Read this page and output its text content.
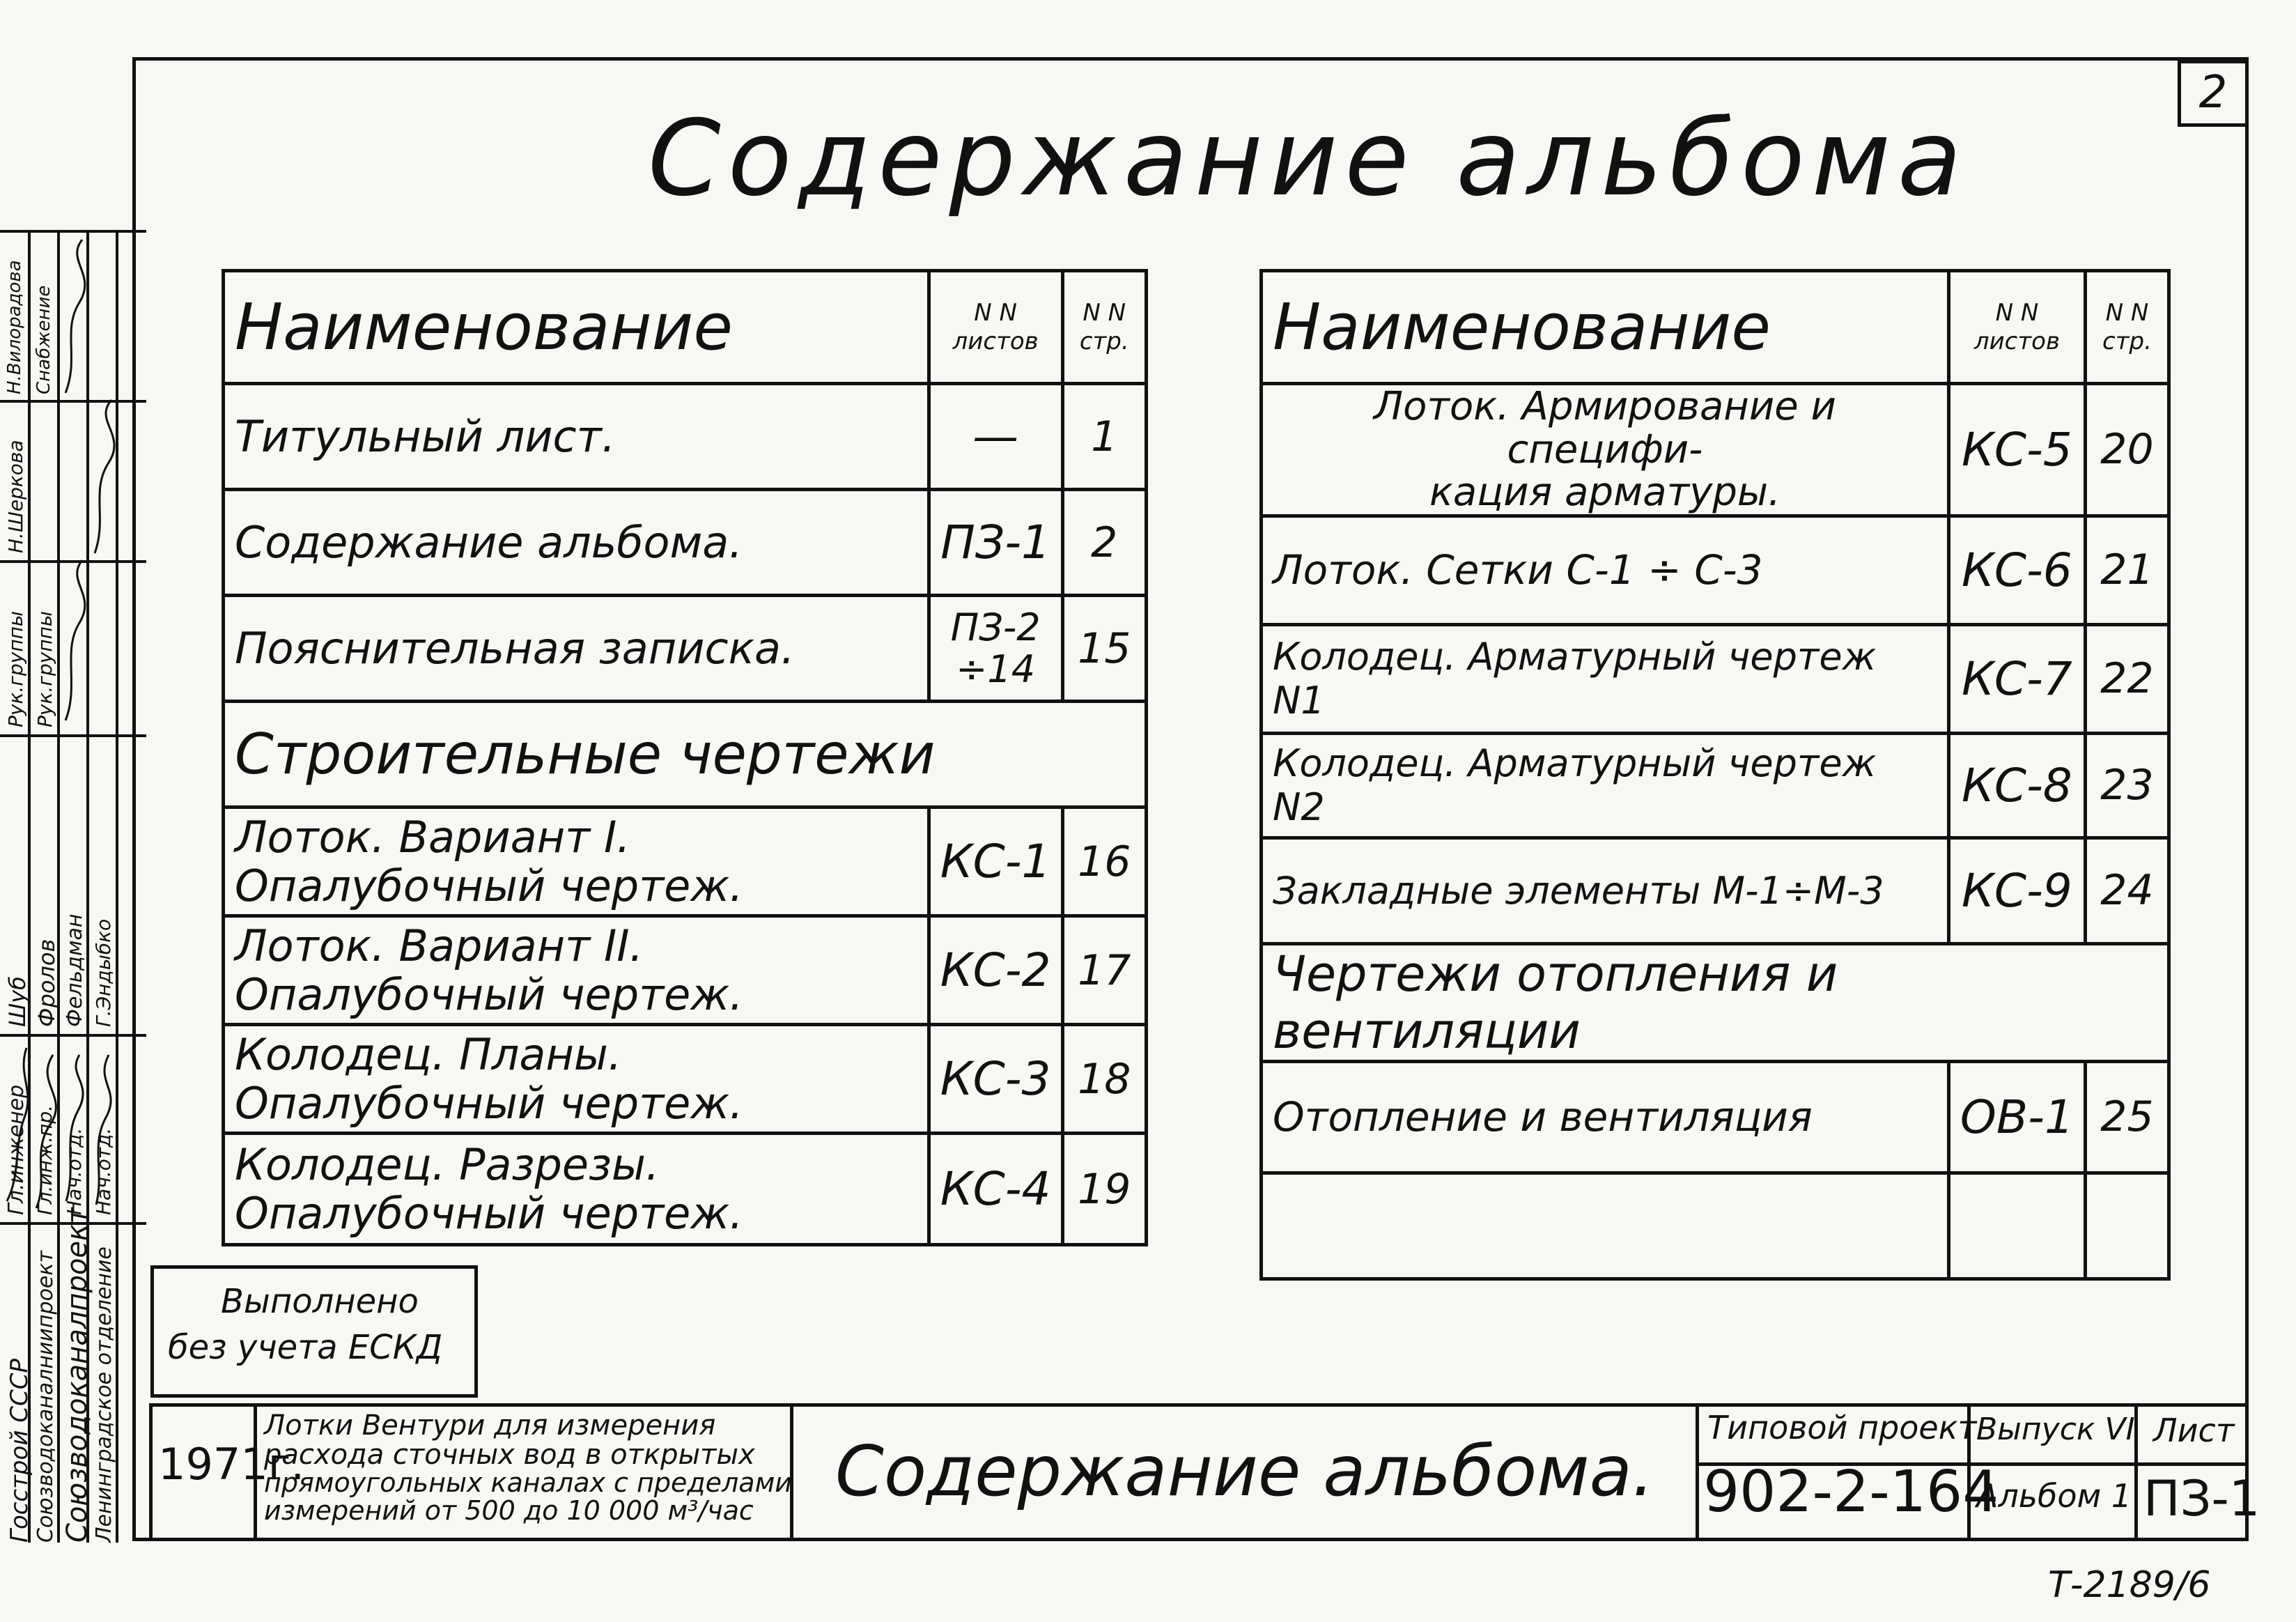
2
Содержание альбома
Наименование	N N листов	N N стр.
Титульный лист.	—	1
Содержание альбома.	ПЗ-1	2
Пояснительная записка.	ПЗ-2 ÷14	15
Строительные чертежи		

Лоток. Вариант I.
Опалубочный чертеж.	КС-1	16

Лоток. Вариант II.
Опалубочный чертеж.	КС-2	17

Колодец. Планы.
Опалубочный чертеж.	КС-3	18

Колодец. Разрезы.
Опалубочный чертеж.	КС-4	19
Наименование	N N листов	N N стр.

Лоток. Армирование и специфи-
кация арматуры.	КС-5	20
Лоток. Сетки С-1 ÷ С-3	КС-6	21
Колодец. Арматурный чертеж N1	КС-7	22
Колодец. Арматурный чертеж N2	КС-8	23
Закладные элементы М-1÷М-3	КС-9	24
Чертежи отопления и вентиляции		
Отопление и вентиляция	ОВ-1	25

Выполнено
без учета ЕСКД
Госстрой СССР Союзводоканалниипроект Союзводоканалпроект
Ленинградское отделение
Гл.инженер Гл.инж.пр. Нач.отд. Нач.отд.
Рук.группы Рук.группы
Шуб Фролов Фельдман Г.Эндыбко
Н.Шеркова
Н.Вилорадова Снабжение
1971г.
Лотки Вентури для измерения
расхода сточных вод в открытых
прямоугольных каналах с пределами
измерений от 500 до 10 000 м³/час	Содержание альбома.
Типовой проект
902-2-164
Выпуск VI
Альбом 1
Лист
ПЗ-1
Т-2189/6
